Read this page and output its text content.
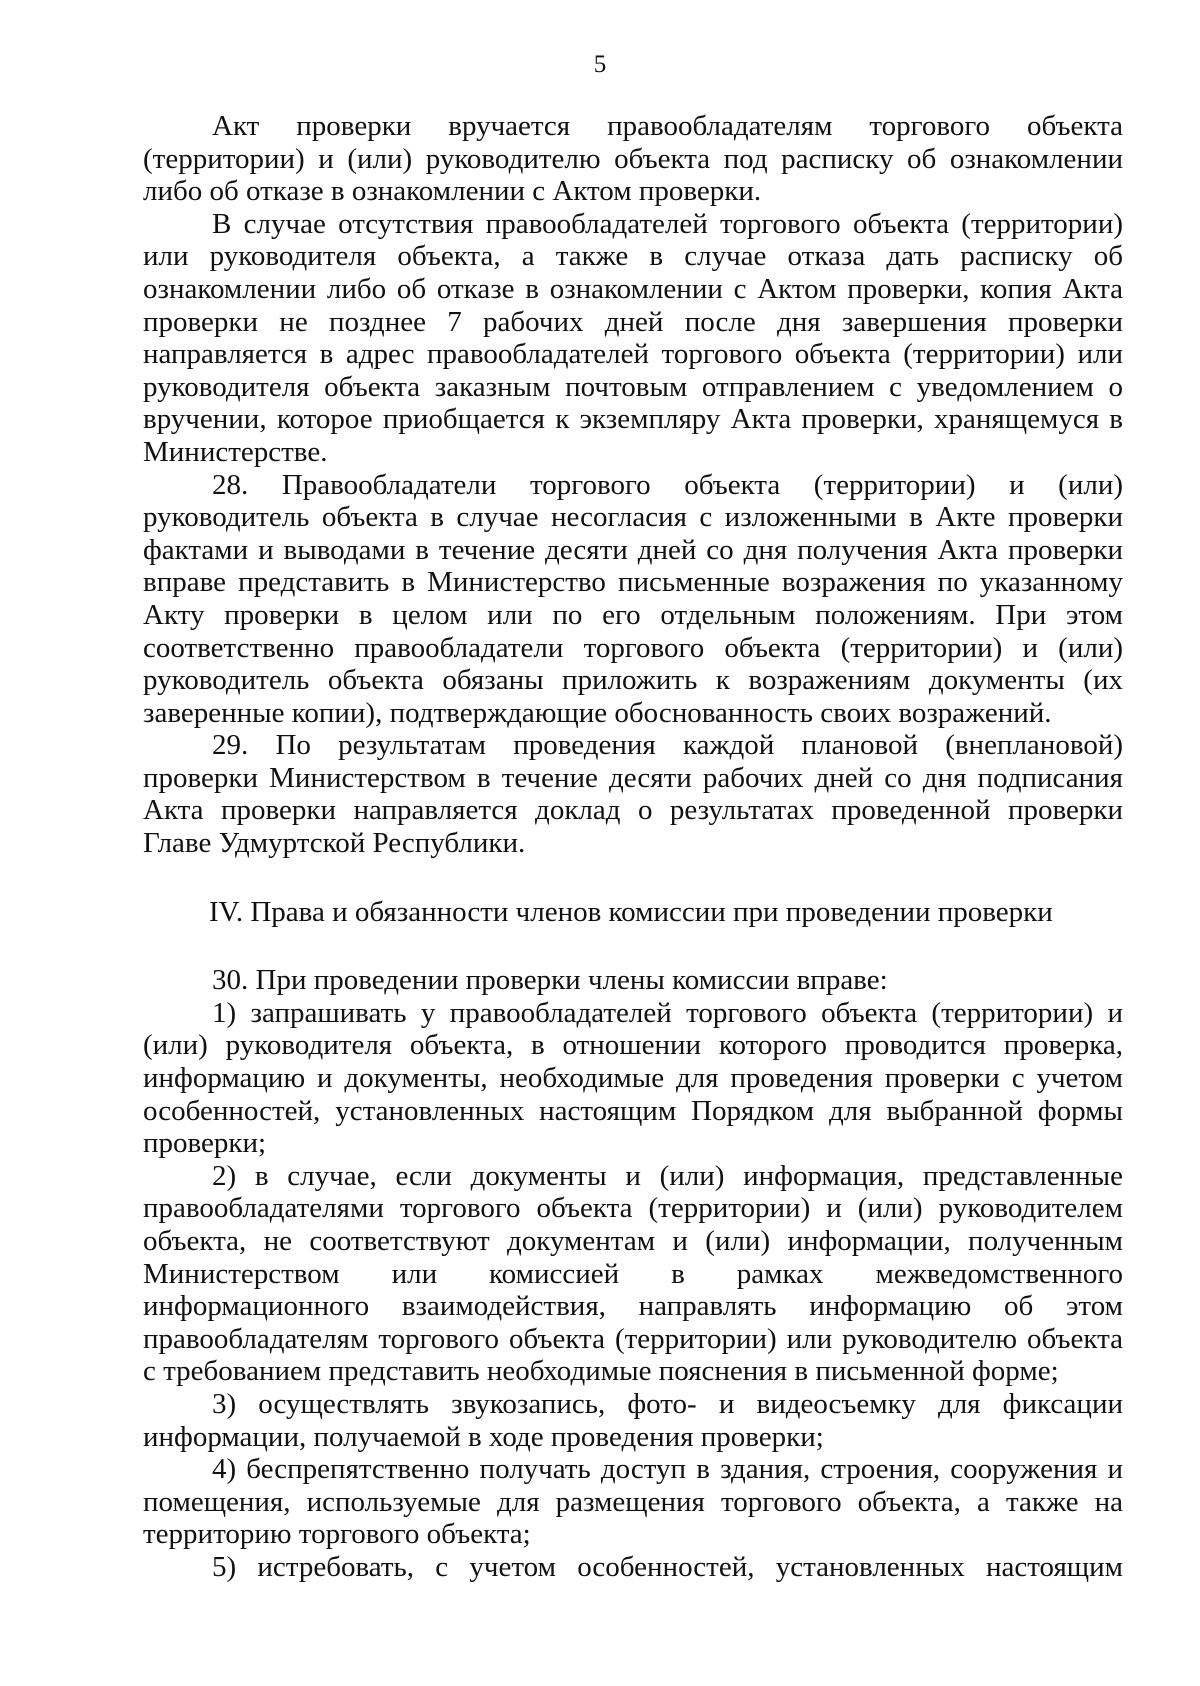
5

Акт проверки вручается правообладателям торгового объекта (территории) и (или) руководителю объекта под расписку об ознакомлении либо об отказе в ознакомлении с Актом проверки.

В случае отсутствия правообладателей торгового объекта (территории) или руководителя объекта, а также в случае отказа дать расписку об ознакомлении либо об отказе в ознакомлении с Актом проверки, копия Акта проверки не позднее 7 рабочих дней после дня завершения проверки направляется в адрес правообладателей торгового объекта (территории) или руководителя объекта заказным почтовым отправлением с уведомлением о вручении, которое приобщается к экземпляру Акта проверки, хранящемуся в Министерстве.

28. Правообладатели торгового объекта (территории) и (или) руководитель объекта в случае несогласия с изложенными в Акте проверки фактами и выводами в течение десяти дней со дня получения Акта проверки вправе представить в Министерство письменные возражения по указанному Акту проверки в целом или по его отдельным положениям. При этом соответственно правообладатели торгового объекта (территории) и (или) руководитель объекта обязаны приложить к возражениям документы (их заверенные копии), подтверждающие обоснованность своих возражений.

29. По результатам проведения каждой плановой (внеплановой) проверки Министерством в течение десяти рабочих дней со дня подписания Акта проверки направляется доклад о результатах проведенной проверки Главе Удмуртской Республики.

IV. Права и обязанности членов комиссии при проведении проверки

30. При проведении проверки члены комиссии вправе:

1) запрашивать у правообладателей торгового объекта (территории) и (или) руководителя объекта, в отношении которого проводится проверка, информацию и документы, необходимые для проведения проверки с учетом особенностей, установленных настоящим Порядком для выбранной формы проверки;

2) в случае, если документы и (или) информация, представленные правообладателями торгового объекта (территории) и (или) руководителем объекта, не соответствуют документам и (или) информации, полученным Министерством или комиссией в рамках межведомственного информационного взаимодействия, направлять информацию об этом правообладателям торгового объекта (территории) или руководителю объекта с требованием представить необходимые пояснения в письменной форме;

3) осуществлять звукозапись, фото- и видеосъемку для фиксации информации, получаемой в ходе проведения проверки;

4) беспрепятственно получать доступ в здания, строения, сооружения и помещения, используемые для размещения торгового объекта, а также на территорию торгового объекта;

5) истребовать, с учетом особенностей, установленных настоящим
